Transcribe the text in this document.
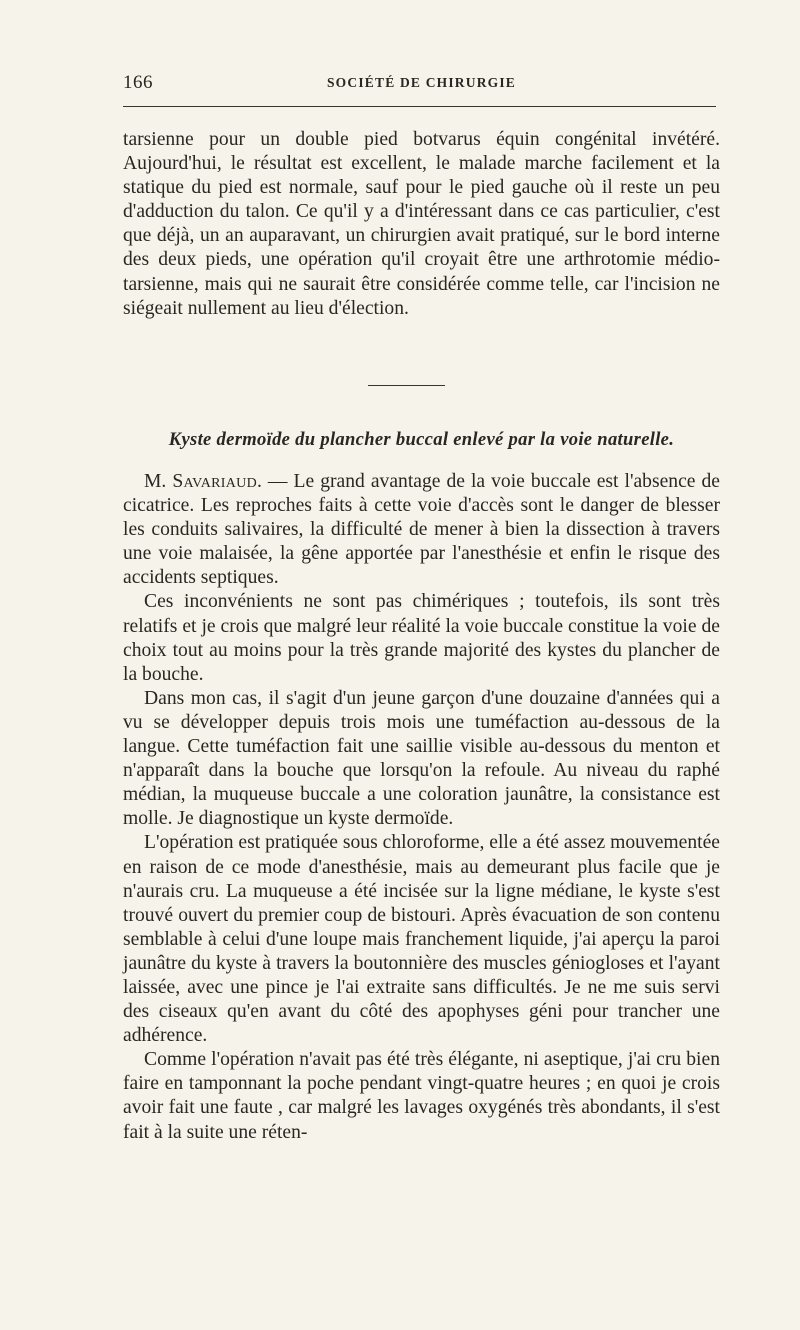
166	SOCIÉTÉ DE CHIRURGIE

tarsienne pour un double pied botvarus équin congénital invétéré. Aujourd'hui, le résultat est excellent, le malade marche facilement et la statique du pied est normale, sauf pour le pied gauche où il reste un peu d'adduction du talon. Ce qu'il y a d'intéressant dans ce cas particulier, c'est que déjà, un an auparavant, un chirurgien avait pratiqué, sur le bord interne des deux pieds, une opération qu'il croyait être une arthrotomie médio-tarsienne, mais qui ne saurait être considérée comme telle, car l'incision ne siégeait nullement au lieu d'élection.

Kyste dermoïde du plancher buccal enlevé par la voie naturelle.

M. Savariaud. — Le grand avantage de la voie buccale est l'absence de cicatrice. Les reproches faits à cette voie d'accès sont le danger de blesser les conduits salivaires, la difficulté de mener à bien la dissection à travers une voie malaisée, la gêne apportée par l'anesthésie et enfin le risque des accidents septiques.

Ces inconvénients ne sont pas chimériques ; toutefois, ils sont très relatifs et je crois que malgré leur réalité la voie buccale constitue la voie de choix tout au moins pour la très grande majorité des kystes du plancher de la bouche.

Dans mon cas, il s'agit d'un jeune garçon d'une douzaine d'années qui a vu se développer depuis trois mois une tuméfaction au-dessous de la langue. Cette tuméfaction fait une saillie visible au-dessous du menton et n'apparaît dans la bouche que lorsqu'on la refoule. Au niveau du raphé médian, la muqueuse buccale a une coloration jaunâtre, la consistance est molle. Je diagnostique un kyste dermoïde.

L'opération est pratiquée sous chloroforme, elle a été assez mouvementée en raison de ce mode d'anesthésie, mais au demeurant plus facile que je n'aurais cru. La muqueuse a été incisée sur la ligne médiane, le kyste s'est trouvé ouvert du premier coup de bistouri. Après évacuation de son contenu semblable à celui d'une loupe mais franchement liquide, j'ai aperçu la paroi jaunâtre du kyste à travers la boutonnière des muscles géniogloses et l'ayant laissée, avec une pince je l'ai extraite sans difficultés. Je ne me suis servi des ciseaux qu'en avant du côté des apophyses géni pour trancher une adhérence.

Comme l'opération n'avait pas été très élégante, ni aseptique, j'ai cru bien faire en tamponnant la poche pendant vingt-quatre heures ; en quoi je crois avoir fait une faute , car malgré les lavages oxygénés très abondants, il s'est fait à la suite une réten-
